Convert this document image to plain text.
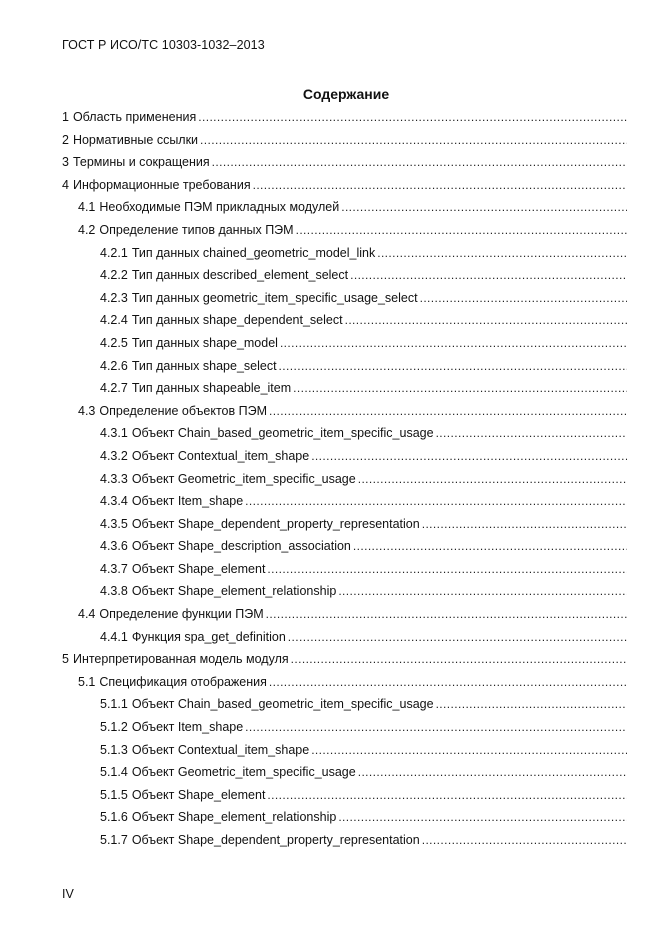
ГОСТ Р ИСО/ТС 10303-1032–2013
Содержание
1 Область применения
.....
2 Нормативные ссылки
.....
3 Термины и сокращения
.....
4 Информационные требования
.....
4.1 Необходимые ПЭМ прикладных модулей
.....
4.2 Определение типов данных ПЭМ
.....
4.2.1 Тип данных chained_geometric_model_link
.....
4.2.2 Тип данных described_element_select
.....
4.2.3 Тип данных geometric_item_specific_usage_select
.....
4.2.4 Тип данных shape_dependent_select
.....
4.2.5 Тип данных shape_model
.....
4.2.6 Тип данных shape_select
.....
4.2.7 Тип данных shapeable_item
.....
4.3 Определение объектов ПЭМ
.....
4.3.1 Объект Chain_based_geometric_item_specific_usage
.....
4.3.2 Объект Contextual_item_shape
.....
4.3.3 Объект Geometric_item_specific_usage
.....
4.3.4 Объект Item_shape
.....
4.3.5 Объект Shape_dependent_property_representation
.....
4.3.6 Объект Shape_description_association
.....
4.3.7 Объект Shape_element
.....
4.3.8 Объект Shape_element_relationship
.....
4.4 Определение функции ПЭМ
.....
4.4.1 Функция spa_get_definition
.....
5 Интерпретированная модель модуля
.....
5.1 Спецификация отображения
.....
5.1.1 Объект Chain_based_geometric_item_specific_usage
.....
5.1.2 Объект Item_shape
.....
5.1.3 Объект Contextual_item_shape
.....
5.1.4 Объект Geometric_item_specific_usage
.....
5.1.5 Объект Shape_element
.....
5.1.6 Объект Shape_element_relationship
.....
5.1.7 Объект Shape_dependent_property_representation
.....
IV
